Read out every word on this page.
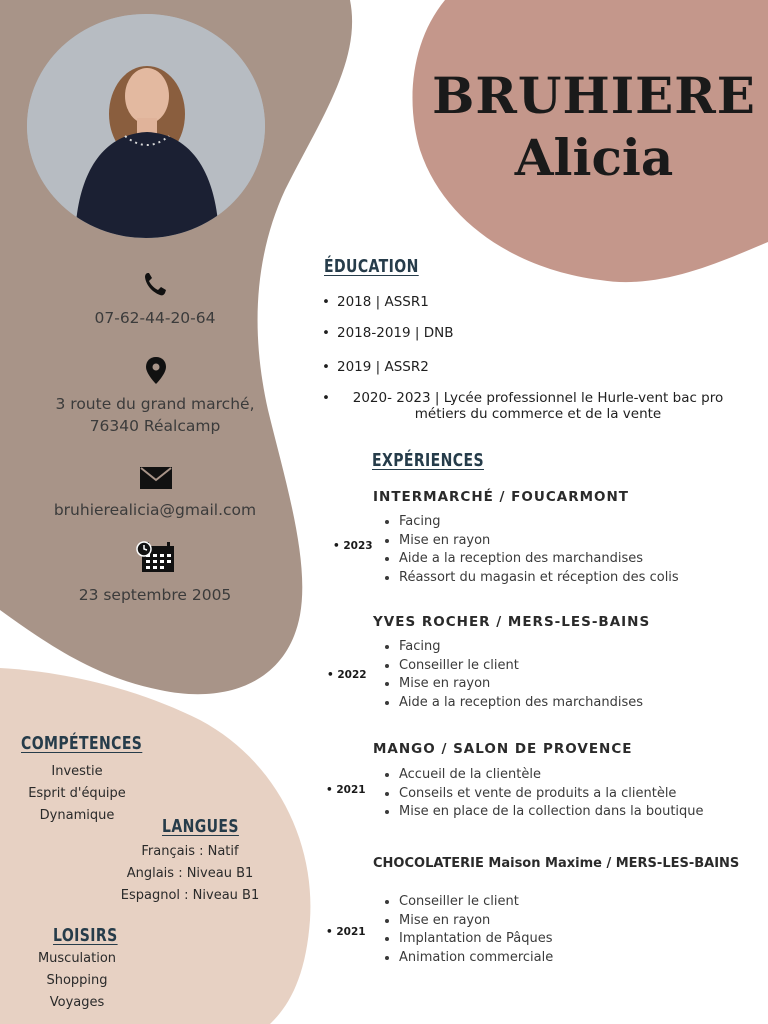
BRUHIERE
Alicia
07-62-44-20-64
3 route du grand marché,
76340 Réalcamp
bruhierealicia@gmail.com
23 septembre 2005
ÉDUCATION
• 2018 | ASSR1
• 2018-2019 | DNB
• 2019 | ASSR2
• 2020- 2023 | Lycée professionnel le Hurle-vent bac pro métiers du commerce et de la vente
EXPÉRIENCES
INTERMARCHÉ / FOUCARMONT
• 2023
• Facing
• Mise en rayon
• Aide a la reception des marchandises
• Réassort du magasin et réception des colis
YVES ROCHER / MERS-LES-BAINS
• 2022
• Facing
• Conseiller le client
• Mise en rayon
• Aide a la reception des marchandises
MANGO / SALON DE PROVENCE
• 2021
• Accueil de la clientèle
• Conseils et vente de produits a la clientèle
• Mise en place de la collection dans la boutique
CHOCOLATERIE Maison Maxime / MERS-LES-BAINS
• 2021
• Conseiller le client
• Mise en rayon
• Implantation de Pâques
• Animation commerciale
COMPÉTENCES
Investie
Esprit d'équipe
Dynamique
LANGUES
Français : Natif
Anglais : Niveau B1
Espagnol : Niveau B1
LOISIRS
Musculation
Shopping
Voyages
